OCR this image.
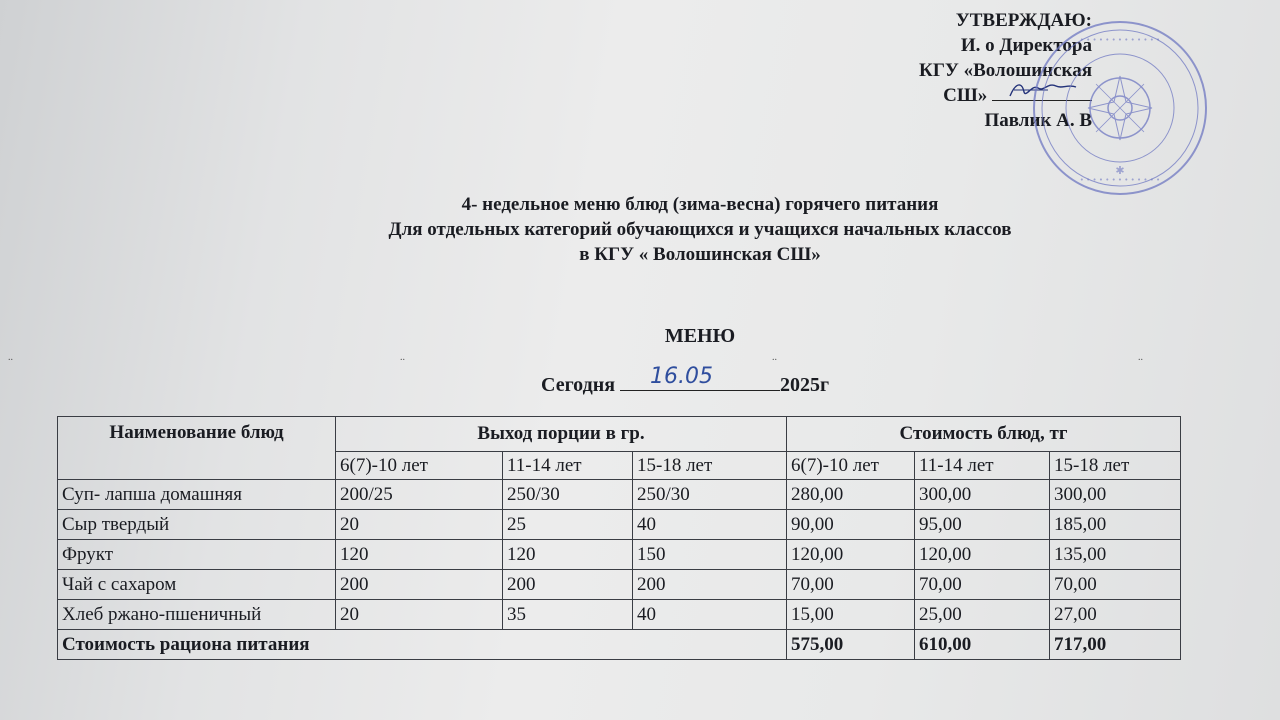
УТВЕРЖДАЮ:
И. о Директора
КГУ «Волошинская
СШ»
Павлик А. В
• • • • • • • • • • • • •
• • • • • • • • • • • • •
✱
4- недельное меню блюд (зима-весна) горячего питания
Для отдельных категорий обучающихся и учащихся начальных классов
в КГУ « Волошинская СШ»
МЕНЮ
..	..	..	..
Сегодня 16.05	2025г
Наименование блюд	Выход порции в гр.			Стоимость блюд, тг		
	6(7)-10 лет	11-14 лет	15-18 лет	6(7)-10 лет	11-14 лет	15-18 лет
Суп- лапша домашняя	200/25	250/30	250/30	280,00	300,00	300,00
Сыр твердый	20	25	40	90,00	95,00	185,00
Фрукт	120	120	150	120,00	120,00	135,00
Чай с сахаром	200	200	200	70,00	70,00	70,00
Хлеб ржано-пшеничный	20	35	40	15,00	25,00	27,00
Стоимость рациона питания				575,00	610,00	717,00
